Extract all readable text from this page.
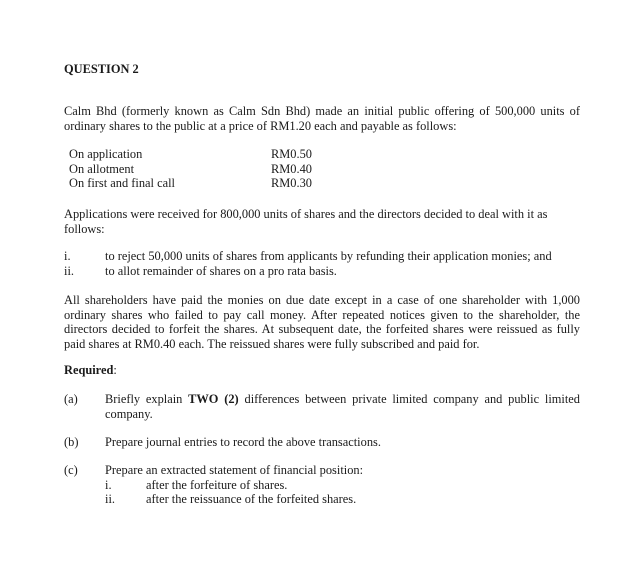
QUESTION 2
Calm Bhd (formerly known as Calm Sdn Bhd) made an initial public offering of 500,000 units of ordinary shares to the public at a price of RM1.20 each and payable as follows:
On application	RM0.50
On allotment	RM0.40
On first and final call	RM0.30
Applications were received for 800,000 units of shares and the directors decided to deal with it as follows:
i.	to reject 50,000 units of shares from applicants by refunding their application monies; and
ii.	to allot remainder of shares on a pro rata basis.
All shareholders have paid the monies on due date except in a case of one shareholder with 1,000 ordinary shares who failed to pay call money. After repeated notices given to the shareholder, the directors decided to forfeit the shares. At subsequent date, the forfeited shares were reissued as fully paid shares at RM0.40 each. The reissued shares were fully subscribed and paid for.
Required:
(a) Briefly explain TWO (2) differences between private limited company and public limited company.
(b) Prepare journal entries to record the above transactions.
(c) Prepare an extracted statement of financial position:
i.	after the forfeiture of shares.
ii.	after the reissuance of the forfeited shares.
